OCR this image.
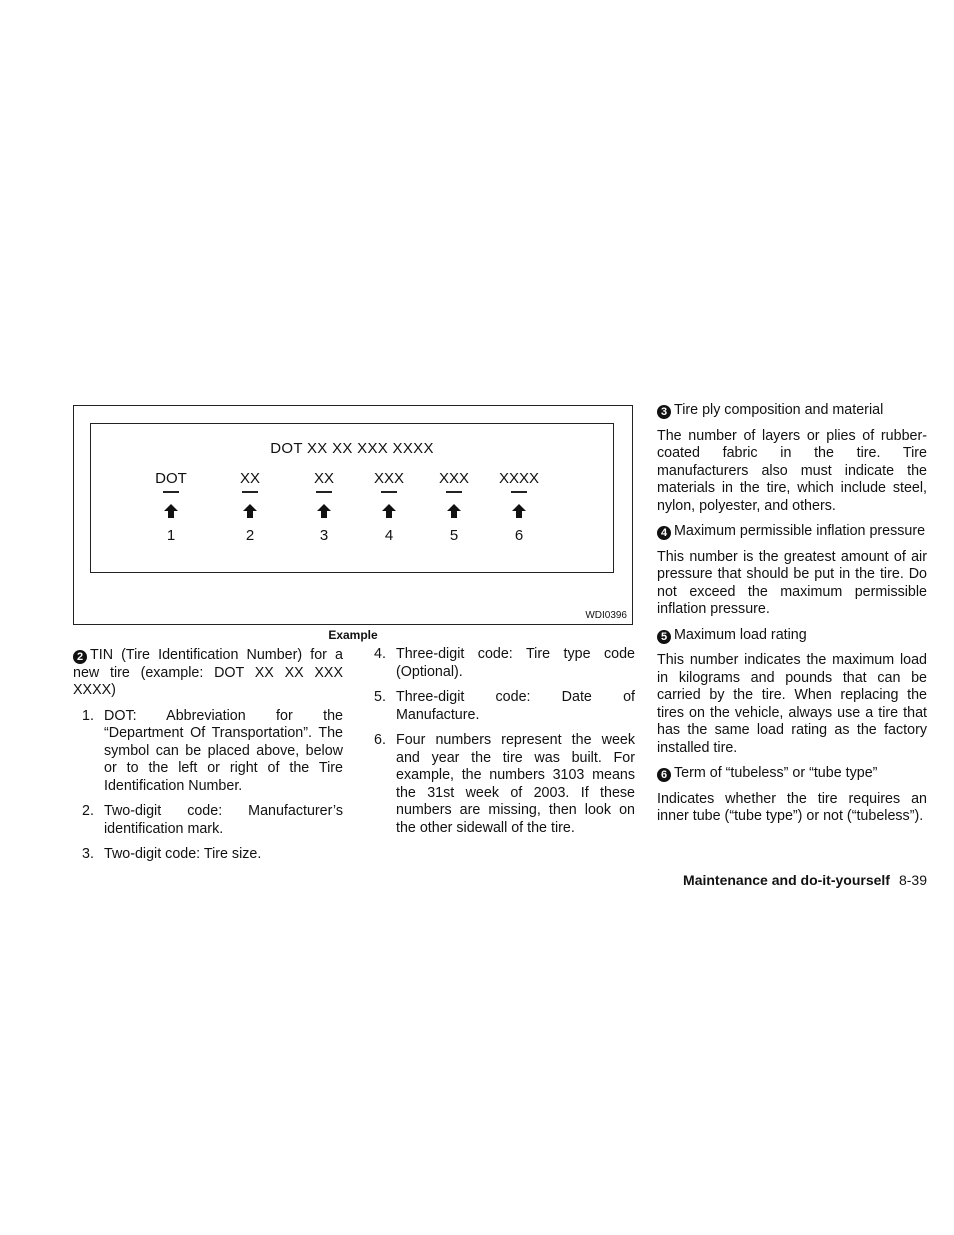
DOT XX XX XXX XXXX
DOT
1
XX
2
XX
3
XXX
4
XXX
5
XXXX
6
WDI0396
Example

2 TIN (Tire Identification Number) for a new tire (example: DOT XX XX XXX XXXX)

1. DOT: Abbreviation for the “Department Of Transportation”. The symbol can be placed above, below or to the left or right of the Tire Identification Number.
2. Two-digit code: Manufacturer’s identification mark.
3. Two-digit code: Tire size.
4. Three-digit code: Tire type code (Optional).
5. Three-digit code: Date of Manufacture.
6. Four numbers represent the week and year the tire was built. For example, the numbers 3103 means the 31st week of 2003. If these numbers are missing, then look on the other sidewall of the tire.

3 Tire ply composition and material

The number of layers or plies of rubber-coated fabric in the tire. Tire manufacturers also must indicate the materials in the tire, which include steel, nylon, polyester, and others.

4 Maximum permissible inflation pressure

This number is the greatest amount of air pressure that should be put in the tire. Do not exceed the maximum permissible inflation pressure.

5 Maximum load rating

This number indicates the maximum load in kilograms and pounds that can be carried by the tire. When replacing the tires on the vehicle, always use a tire that has the same load rating as the factory installed tire.

6 Term of “tubeless” or “tube type”

Indicates whether the tire requires an inner tube (“tube type”) or not (“tubeless”).

Maintenance and do-it-yourself 8-39
